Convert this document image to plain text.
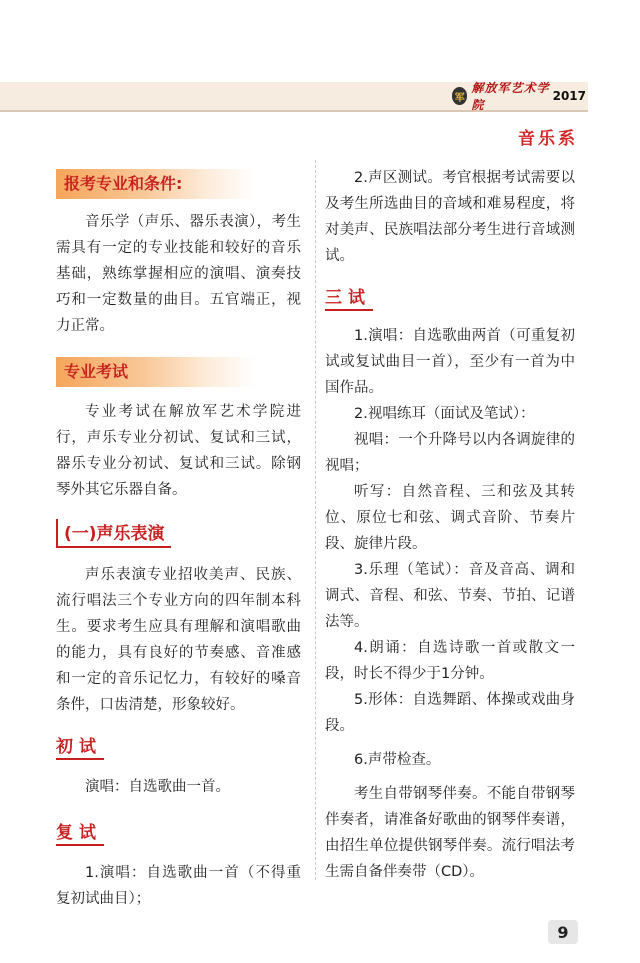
军
解放军艺术学院
2017
音乐系
报考专业和条件:

音乐学（声乐、器乐表演），考生需具有一定的专业技能和较好的音乐基础，熟练掌握相应的演唱、演奏技巧和一定数量的曲目。五官端正，视力正常。

专业考试

专业考试在解放军艺术学院进行，声乐专业分初试、复试和三试，器乐专业分初试、复试和三试。除钢琴外其它乐器自备。

(一)声乐表演

声乐表演专业招收美声、民族、流行唱法三个专业方向的四年制本科生。要求考生应具有理解和演唱歌曲的能力，具有良好的节奏感、音准感和一定的音乐记忆力，有较好的嗓音条件，口齿清楚，形象较好。

初试

演唱：自选歌曲一首。

复试

1.演唱：自选歌曲一首（不得重复初试曲目）；

2.声区测试。考官根据考试需要以及考生所选曲目的音域和难易程度，将对美声、民族唱法部分考生进行音域测试。

三试

1.演唱：自选歌曲两首（可重复初试或复试曲目一首），至少有一首为中国作品。

2.视唱练耳（面试及笔试）：

视唱：一个升降号以内各调旋律的视唱；

听写：自然音程、三和弦及其转位、原位七和弦、调式音阶、节奏片段、旋律片段。

3.乐理（笔试）：音及音高、调和调式、音程、和弦、节奏、节拍、记谱法等。

4.朗诵：自选诗歌一首或散文一段，时长不得少于1分钟。

5.形体：自选舞蹈、体操或戏曲身段。

6.声带检查。

考生自带钢琴伴奏。不能自带钢琴伴奏者，请准备好歌曲的钢琴伴奏谱，由招生单位提供钢琴伴奏。流行唱法考生需自备伴奏带（CD）。

9
